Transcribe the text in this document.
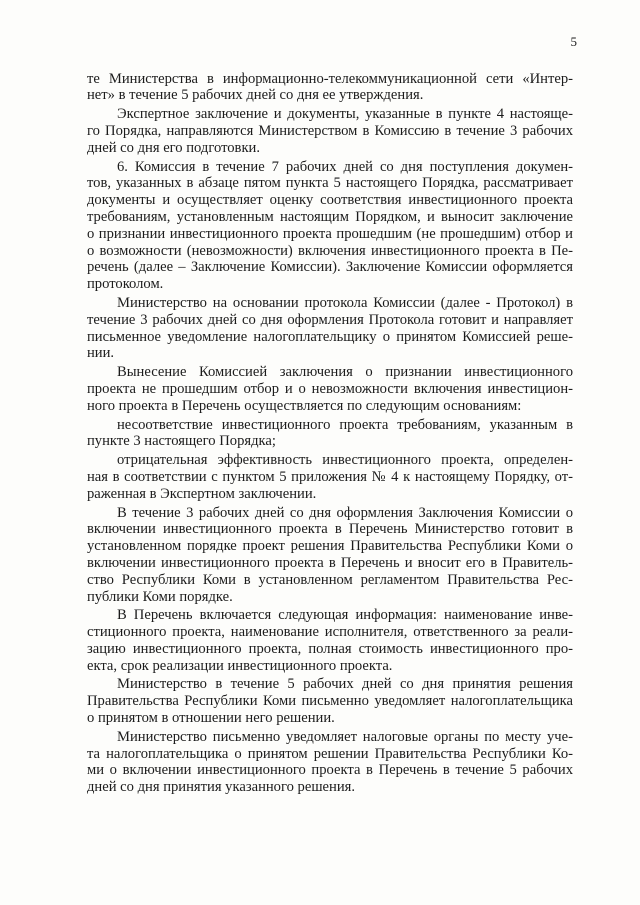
5
те Министерства в информационно-телекоммуникационной сети «Интер-
нет» в течение 5 рабочих дней со дня ее утверждения.
Экспертное заключение и документы, указанные в пункте 4 настояще-
го Порядка, направляются Министерством в Комиссию в течение 3 рабочих
дней со дня его подготовки.
6. Комиссия в течение 7 рабочих дней со дня поступления докумен-
тов, указанных в абзаце пятом пункта 5 настоящего Порядка, рассматривает
документы и осуществляет оценку соответствия инвестиционного проекта
требованиям, установленным настоящим Порядком, и выносит заключение
о признании инвестиционного проекта прошедшим (не прошедшим) отбор и
о возможности (невозможности) включения инвестиционного проекта в Пе-
речень (далее – Заключение Комиссии). Заключение Комиссии оформляется
протоколом.
Министерство на основании протокола Комиссии (далее - Протокол) в
течение 3 рабочих дней со дня оформления Протокола готовит и направляет
письменное уведомление налогоплательщику о принятом Комиссией реше-
нии.
Вынесение Комиссией заключения о признании инвестиционного
проекта не прошедшим отбор и о невозможности включения инвестицион-
ного проекта в Перечень осуществляется по следующим основаниям:
несоответствие инвестиционного проекта требованиям, указанным в
пункте 3 настоящего Порядка;
отрицательная эффективность инвестиционного проекта, определен-
ная в соответствии с пунктом 5 приложения № 4 к настоящему Порядку, от-
раженная в Экспертном заключении.
В течение 3 рабочих дней со дня оформления Заключения Комиссии о
включении инвестиционного проекта в Перечень Министерство готовит в
установленном порядке проект решения Правительства Республики Коми о
включении инвестиционного проекта в Перечень и вносит его в Правитель-
ство Республики Коми в установленном регламентом Правительства Рес-
публики Коми порядке.
В Перечень включается следующая информация: наименование инве-
стиционного проекта, наименование исполнителя, ответственного за реали-
зацию инвестиционного проекта, полная стоимость инвестиционного про-
екта, срок реализации инвестиционного проекта.
Министерство в течение 5 рабочих дней со дня принятия решения
Правительства Республики Коми письменно уведомляет налогоплательщика
о принятом в отношении него решении.
Министерство письменно уведомляет налоговые органы по месту уче-
та налогоплательщика о принятом решении Правительства Республики Ко-
ми о включении инвестиционного проекта в Перечень в течение 5 рабочих
дней со дня принятия указанного решения.
